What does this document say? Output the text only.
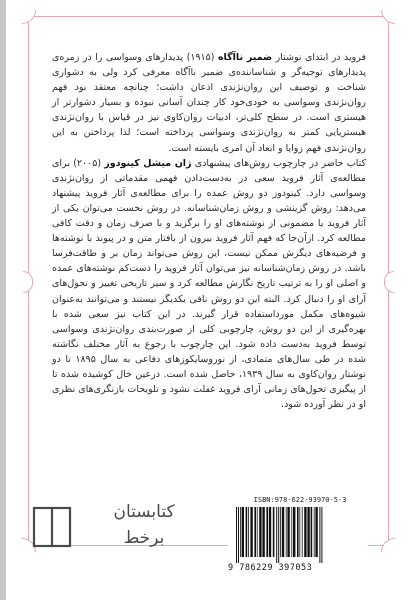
فروید در ابتدای نوشتار ضمیر ناآگاه (۱۹۱۵) پدیدارهای وسواسی را در زمره‌ی پدیدارهای توجیه‌گر و شناساننده‌ی ضمیر ناآگاه معرفی کرد ولی به دشواری شناخت و توصیف این روان‌نژندی اذعان داشت؛ چنانچه معتقد بود فهم روان‌نژندی وسواسی به خودی‌خود کار چندان آسانی نبوده و بسیار دشوارتر از هیستری است. در سطح کلی‌تر، ادبیات روان‌کاوی نیز در قیاس با روان‌نژندی هیستریایی کمتر به روان‌نژندی وسواسی پرداخته است؛ لذا پرداختن به این روان‌نژندی فهم زوایا و ابعاد آن امری بایسته است.

کتاب حاضر در چارچوب روش‌های پیشنهادی ژان میشل کینودوز (۲۰۰۵) برای مطالعه‌ی آثار فروید سعی در به‌دست‌دادن فهمی مقدماتی از روان‌نژندی وسواسی دارد. کینودوز دو روش عمده را برای مطالعه‌ی آثار فروید پیشنهاد می‌دهد: روش گزینشی و روش زمان‌شناسانه. در روش نخست می‌توان یکی از آثار فروید یا مضمونی از نوشته‌های او را برگزید و با صرف زمان و دقت کافی مطالعه کرد. ازآن‌جا که فهم آثار فروید بیرون از بافتار متن و در پیوند با نوشته‌ها و فرضیه‌های دیگرش ممکن نیست، این روش می‌تواند زمان بر و طاقت‌فرسا باشد. در روش زمان‌شناسانه نیز می‌توان آثار فروید را دست‌کم نوشته‌های عمده و اصلی او را به ترتیب تاریخ نگارش مطالعه کرد و سیر تاریخی تغییر و تحول‌های آرای او را دنبال کرد. البته این دو روش نافی یکدیگر نیستند و می‌توانند به‌عنوان شیوه‌های مکمل مورداستفاده قرار گیرند. در این کتاب نیز سعی شده با بهره‌گیری از این دو روش، چارچوبی کلی از صورت‌بندی روان‌نژندی وسواسی توسط فروید به‌دست داده شود. این چارچوب با رجوع به آثار مختلف نگاشته شده در طی سال‌های متمادی، از نوروسایکوزهای دفاعی به سال ۱۸۹۵ تا دو نوشتار روان‌کاوی به سال ۱۹۳۹، حاصل شده است. درعین حال کوشیده شده تا از پیگیری تحول‌های زمانی آرای فروید غفلت نشود و تلویحات بازنگری‌های نظری او در نظر آورده شود.

کتابستان
برخط
ISBN:978-622-93970-5-3
9 786229 397053
